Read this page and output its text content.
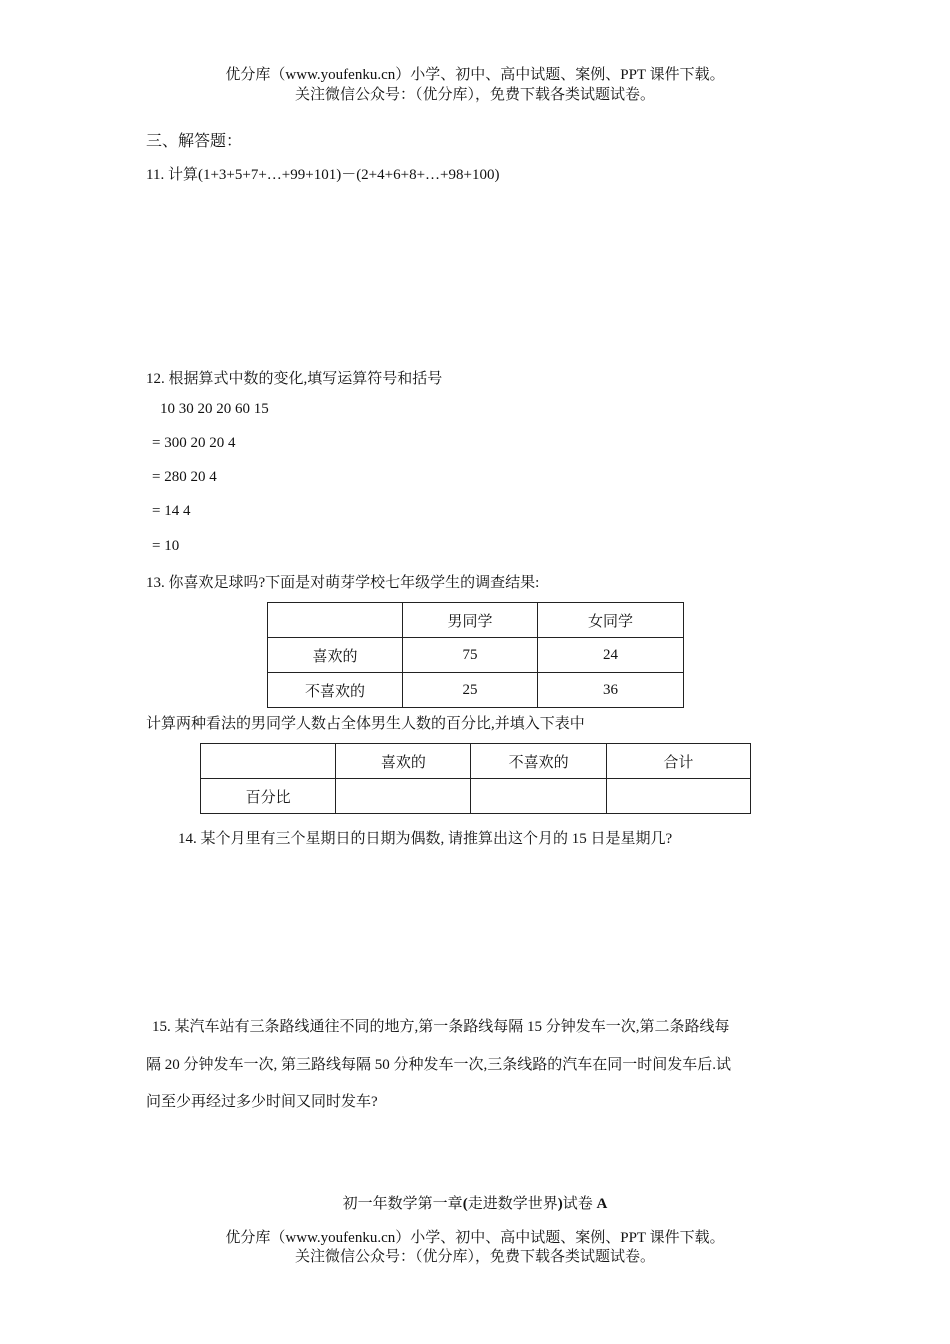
优分库（www.youfenku.cn）小学、初中、高中试题、案例、PPT 课件下载。
关注微信公众号：（优分库），免费下载各类试题试卷。
三、解答题：
11. 计算(1+3+5+7+…+99+101)－(2+4+6+8+…+98+100)
12. 根据算式中数的变化,填写运算符号和括号
10 30 20 20 60 15
= 300 20 20 4
= 280 20 4
= 14 4
= 10
13. 你喜欢足球吗?下面是对萌芽学校七年级学生的调查结果:
	男同学	女同学
喜欢的	75	24
不喜欢的	25	36
计算两种看法的男同学人数占全体男生人数的百分比,并填入下表中
	喜欢的	不喜欢的	合计
百分比			
14. 某个月里有三个星期日的日期为偶数, 请推算出这个月的 15 日是星期几?
15. 某汽车站有三条路线通往不同的地方,第一条路线每隔 15 分钟发车一次,第二条路线每
隔 20 分钟发车一次, 第三路线每隔 50 分种发车一次,三条线路的汽车在同一时间发车后.试
问至少再经过多少时间又同时发车?
初一年数学第一章(走进数学世界)试卷 A
优分库（www.youfenku.cn）小学、初中、高中试题、案例、PPT 课件下载。
关注微信公众号：（优分库），免费下载各类试题试卷。
